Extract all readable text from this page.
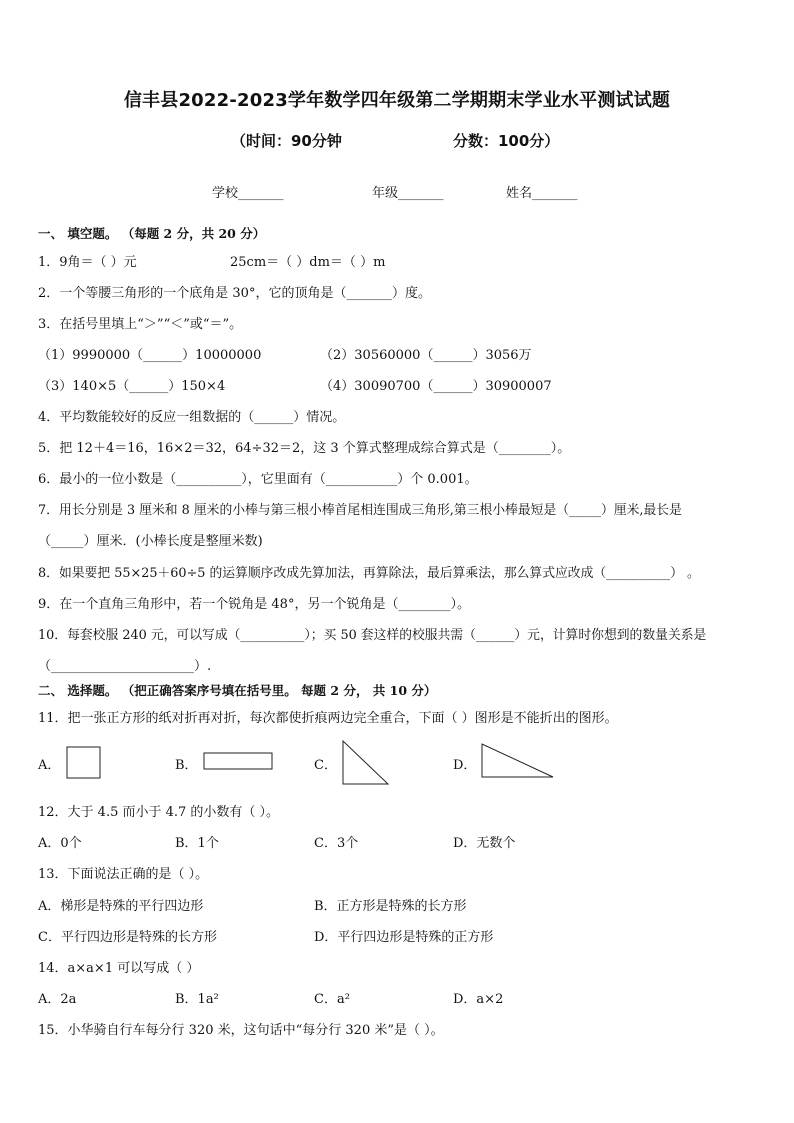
信丰县2022-2023学年数学四年级第二学期期末学业水平测试试题
（时间：90分钟	分数：100分）
学校_______	年级_______	姓名_______
一、 填空题。 （每题 2 分，共 20 分）
1．9角＝（ ）元	25cm＝（ ）dm＝（ ）m
2．一个等腰三角形的一个底角是 30°，它的顶角是（_______）度。
3．在括号里填上“＞”“＜”或“＝”。
（1）9990000（______）10000000	（2）30560000（______）3056万
（3）140×5（______）150×4	（4）30090700（______）30900007
4．平均数能较好的反应一组数据的（______）情况。
5．把 12＋4＝16，16×2＝32，64÷32＝2，这 3 个算式整理成综合算式是（________）。
6．最小的一位小数是（__________），它里面有（___________）个 0.001。
7．用长分别是 3 厘米和 8 厘米的小棒与第三根小棒首尾相连围成三角形,第三根小棒最短是（_____）厘米,最长是
（_____）厘米．(小棒长度是整厘米数)
8．如果要把 55×25＋60÷5 的运算顺序改成先算加法，再算除法，最后算乘法，那么算式应改成（__________） 。
9．在一个直角三角形中，若一个锐角是 48°，另一个锐角是（________）。
10．每套校服 240 元，可以写成（__________）；买 50 套这样的校服共需（______）元，计算时你想到的数量关系是
（______________________）.
二、 选择题。 （把正确答案序号填在括号里。 每题 2 分， 共 10 分）
11．把一张正方形的纸对折再对折，每次都使折痕两边完全重合，下面（ ）图形是不能折出的图形。
A．	B．	C．	D．
12．大于 4.5 而小于 4.7 的小数有（ ）。
A．0个	B．1个	C．3个	D．无数个
13．下面说法正确的是（ ）。
A．梯形是特殊的平行四边形	B．正方形是特殊的长方形
C．平行四边形是特殊的长方形	D．平行四边形是特殊的正方形
14．a×a×1 可以写成（ ）
A．2a	B．1a²	C．a²	D．a×2
15．小华骑自行车每分行 320 米，这句话中“每分行 320 米”是（ ）。
